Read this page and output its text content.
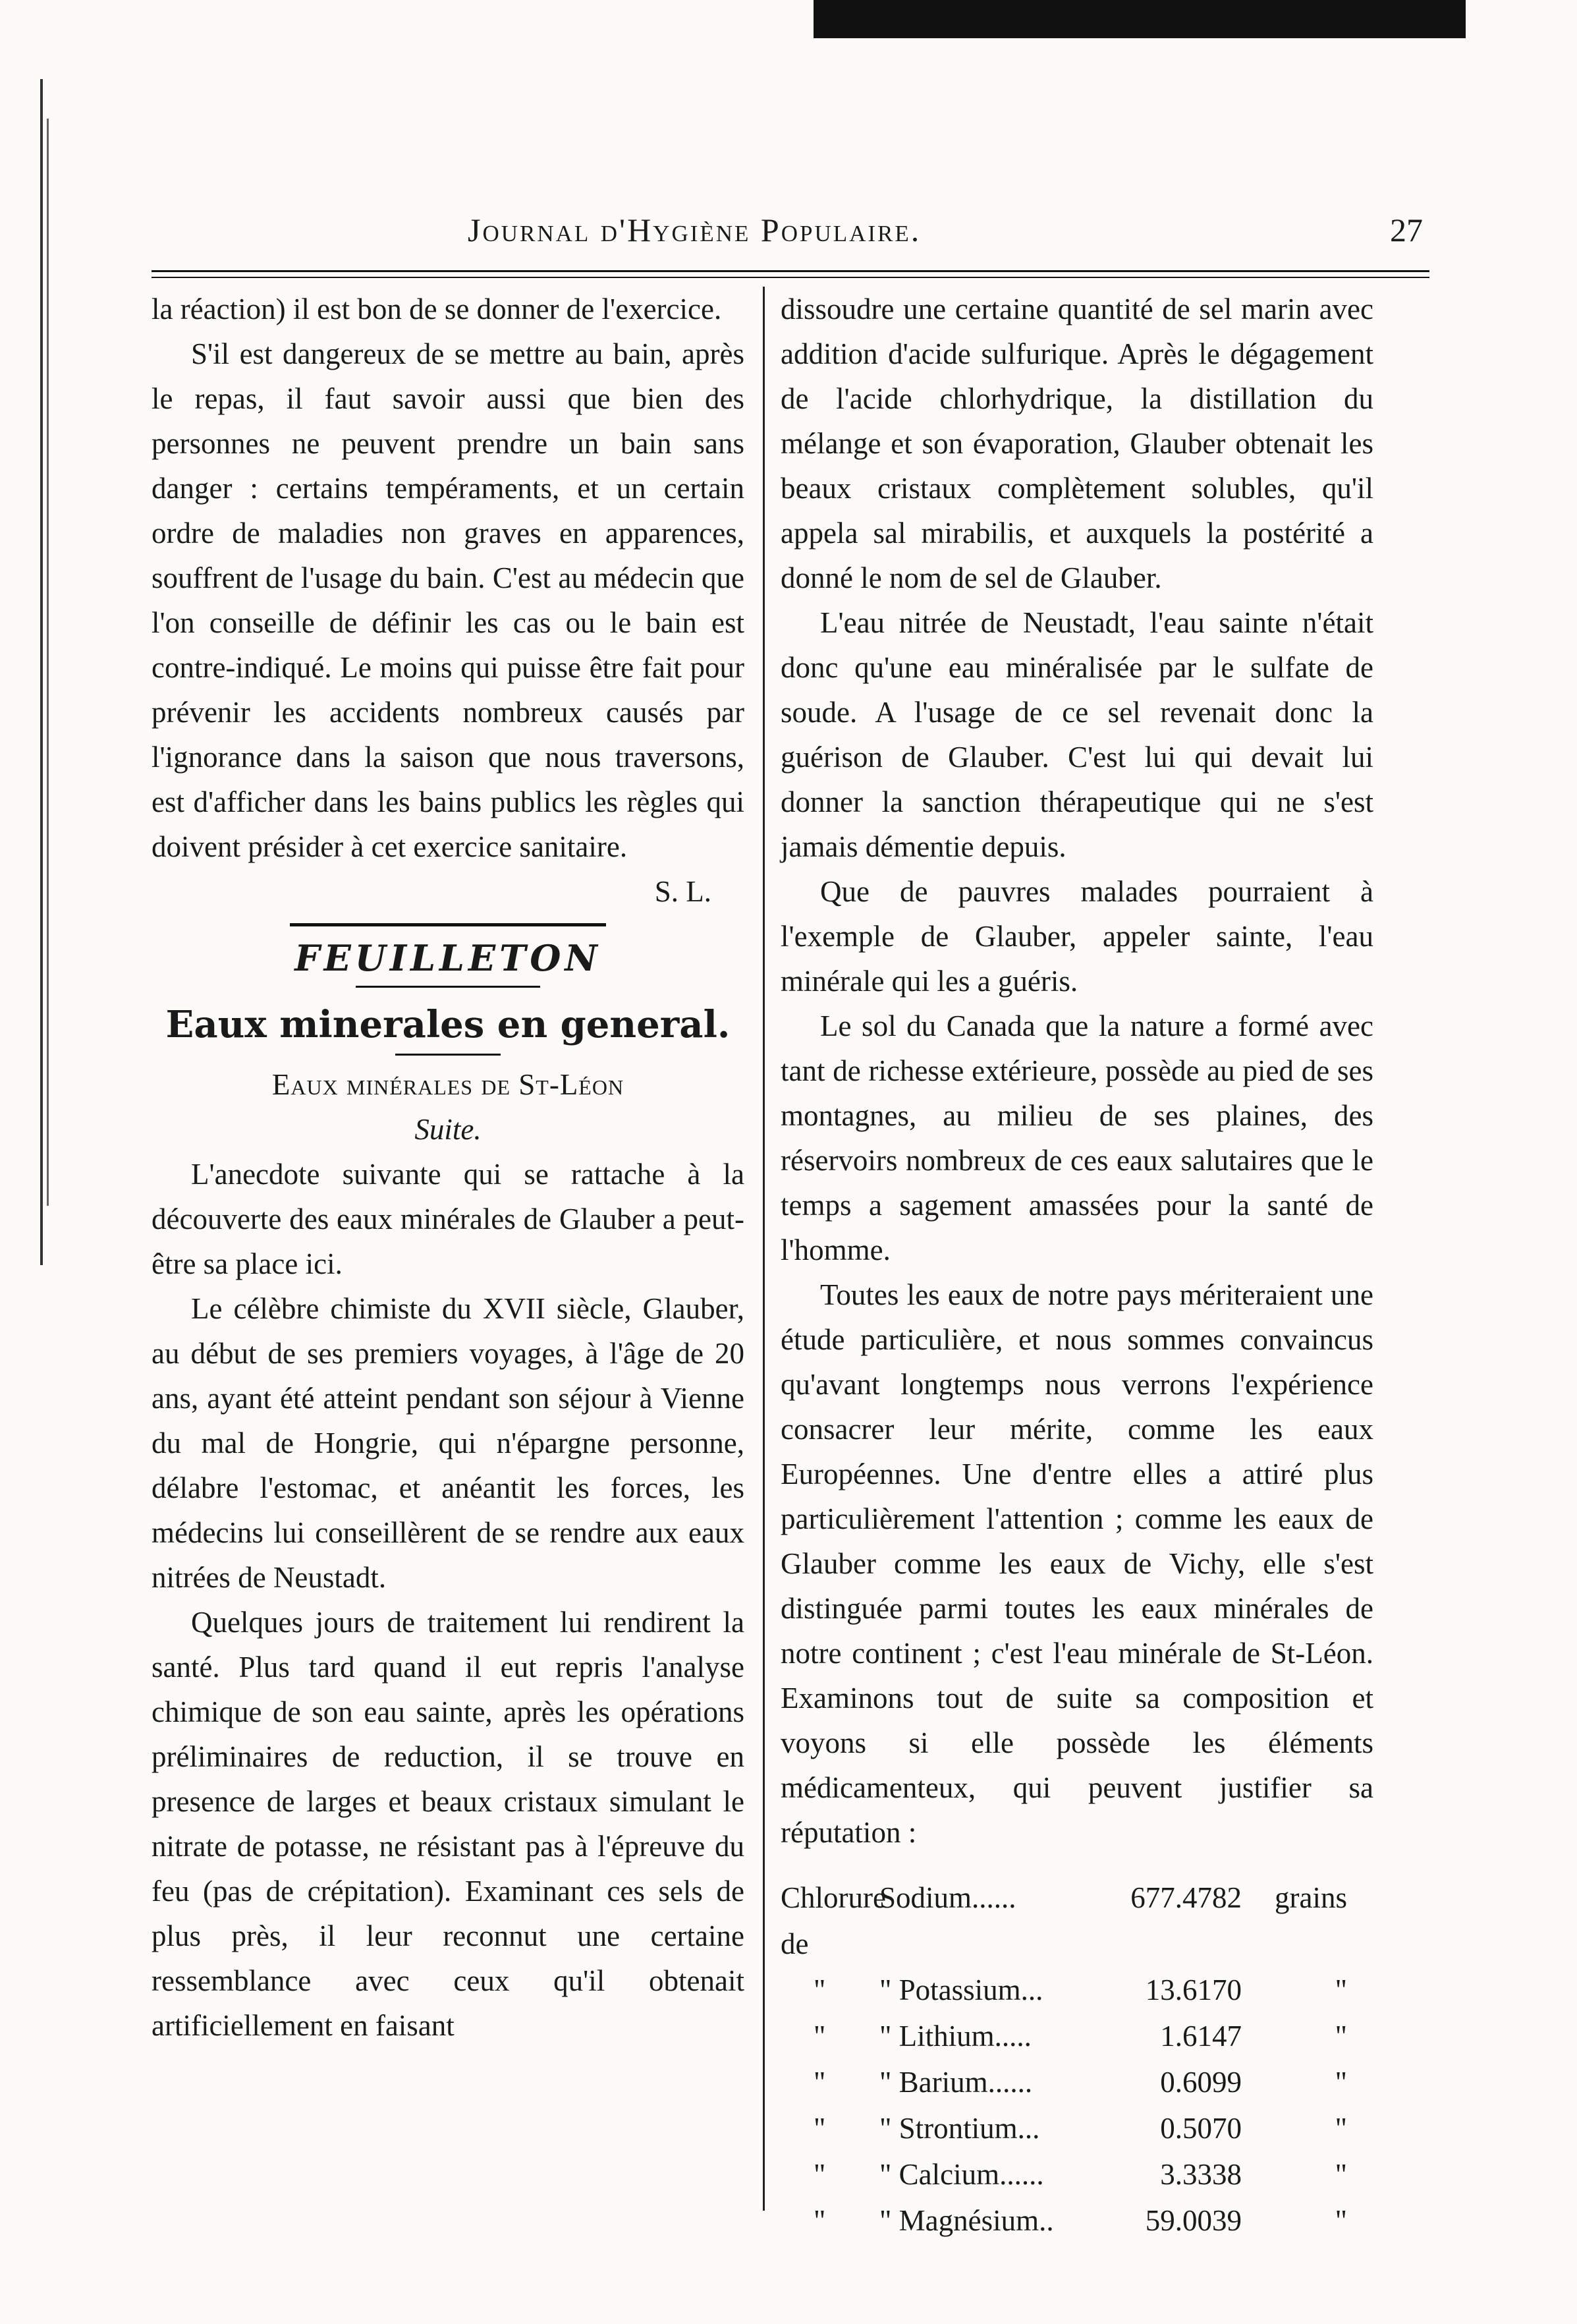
Journal d'Hygiène Populaire.	27

la réaction) il est bon de se donner de l'exercice.

S'il est dangereux de se mettre au bain, après le repas, il faut savoir aussi que bien des personnes ne peuvent prendre un bain sans danger : certains tempéraments, et un certain ordre de maladies non graves en apparences, souffrent de l'usage du bain. C'est au médecin que l'on conseille de définir les cas ou le bain est contre-indiqué. Le moins qui puisse être fait pour prévenir les accidents nombreux causés par l'ignorance dans la saison que nous traversons, est d'afficher dans les bains publics les règles qui doivent présider à cet exercice sanitaire.

S. L.

FEUILLETON

Eaux minerales en general.

Eaux minérales de St-Léon

Suite.

L'anecdote suivante qui se rattache à la découverte des eaux minérales de Glauber a peut-être sa place ici.

Le célèbre chimiste du XVII siècle, Glauber, au début de ses premiers voyages, à l'âge de 20 ans, ayant été atteint pendant son séjour à Vienne du mal de Hongrie, qui n'épargne personne, délabre l'estomac, et anéantit les forces, les médecins lui conseillèrent de se rendre aux eaux nitrées de Neustadt.

Quelques jours de traitement lui rendirent la santé. Plus tard quand il eut repris l'analyse chimique de son eau sainte, après les opérations préliminaires de reduction, il se trouve en presence de larges et beaux cristaux simulant le nitrate de potasse, ne résistant pas à l'épreuve du feu (pas de crépitation). Examinant ces sels de plus près, il leur reconnut une certaine ressemblance avec ceux qu'il obtenait artificiellement en faisant

dissoudre une certaine quantité de sel marin avec addition d'acide sulfurique. Après le dégagement de l'acide chlorhydrique, la distillation du mélange et son évaporation, Glauber obtenait les beaux cristaux complètement solubles, qu'il appela sal mirabilis, et auxquels la postérité a donné le nom de sel de Glauber.

L'eau nitrée de Neustadt, l'eau sainte n'était donc qu'une eau minéralisée par le sulfate de soude. A l'usage de ce sel revenait donc la guérison de Glauber. C'est lui qui devait lui donner la sanction thérapeutique qui ne s'est jamais démentie depuis.

Que de pauvres malades pourraient à l'exemple de Glauber, appeler sainte, l'eau minérale qui les a guéris.

Le sol du Canada que la nature a formé avec tant de richesse extérieure, possède au pied de ses montagnes, au milieu de ses plaines, des réservoirs nombreux de ces eaux salutaires que le temps a sagement amassées pour la santé de l'homme.

Toutes les eaux de notre pays mériteraient une étude particulière, et nous sommes convaincus qu'avant longtemps nous verrons l'expérience consacrer leur mérite, comme les eaux Européennes. Une d'entre elles a attiré plus particulièrement l'attention ; comme les eaux de Glauber comme les eaux de Vichy, elle s'est distinguée parmi toutes les eaux minérales de notre continent ; c'est l'eau minérale de St-Léon. Examinons tout de suite sa composition et voyons si elle possède les éléments médicamenteux, qui peuvent justifier sa réputation :

Chlorure de
Sodium......	677.4782	grains
"	" Potassium...	13.6170	"
"	" Lithium.....	1.6147	"
"	" Barium......	0.6099	"
"	" Strontium...	0.5070	"
"	" Calcium......	3.3338	"
"	" Magnésium..	59.0039	"
